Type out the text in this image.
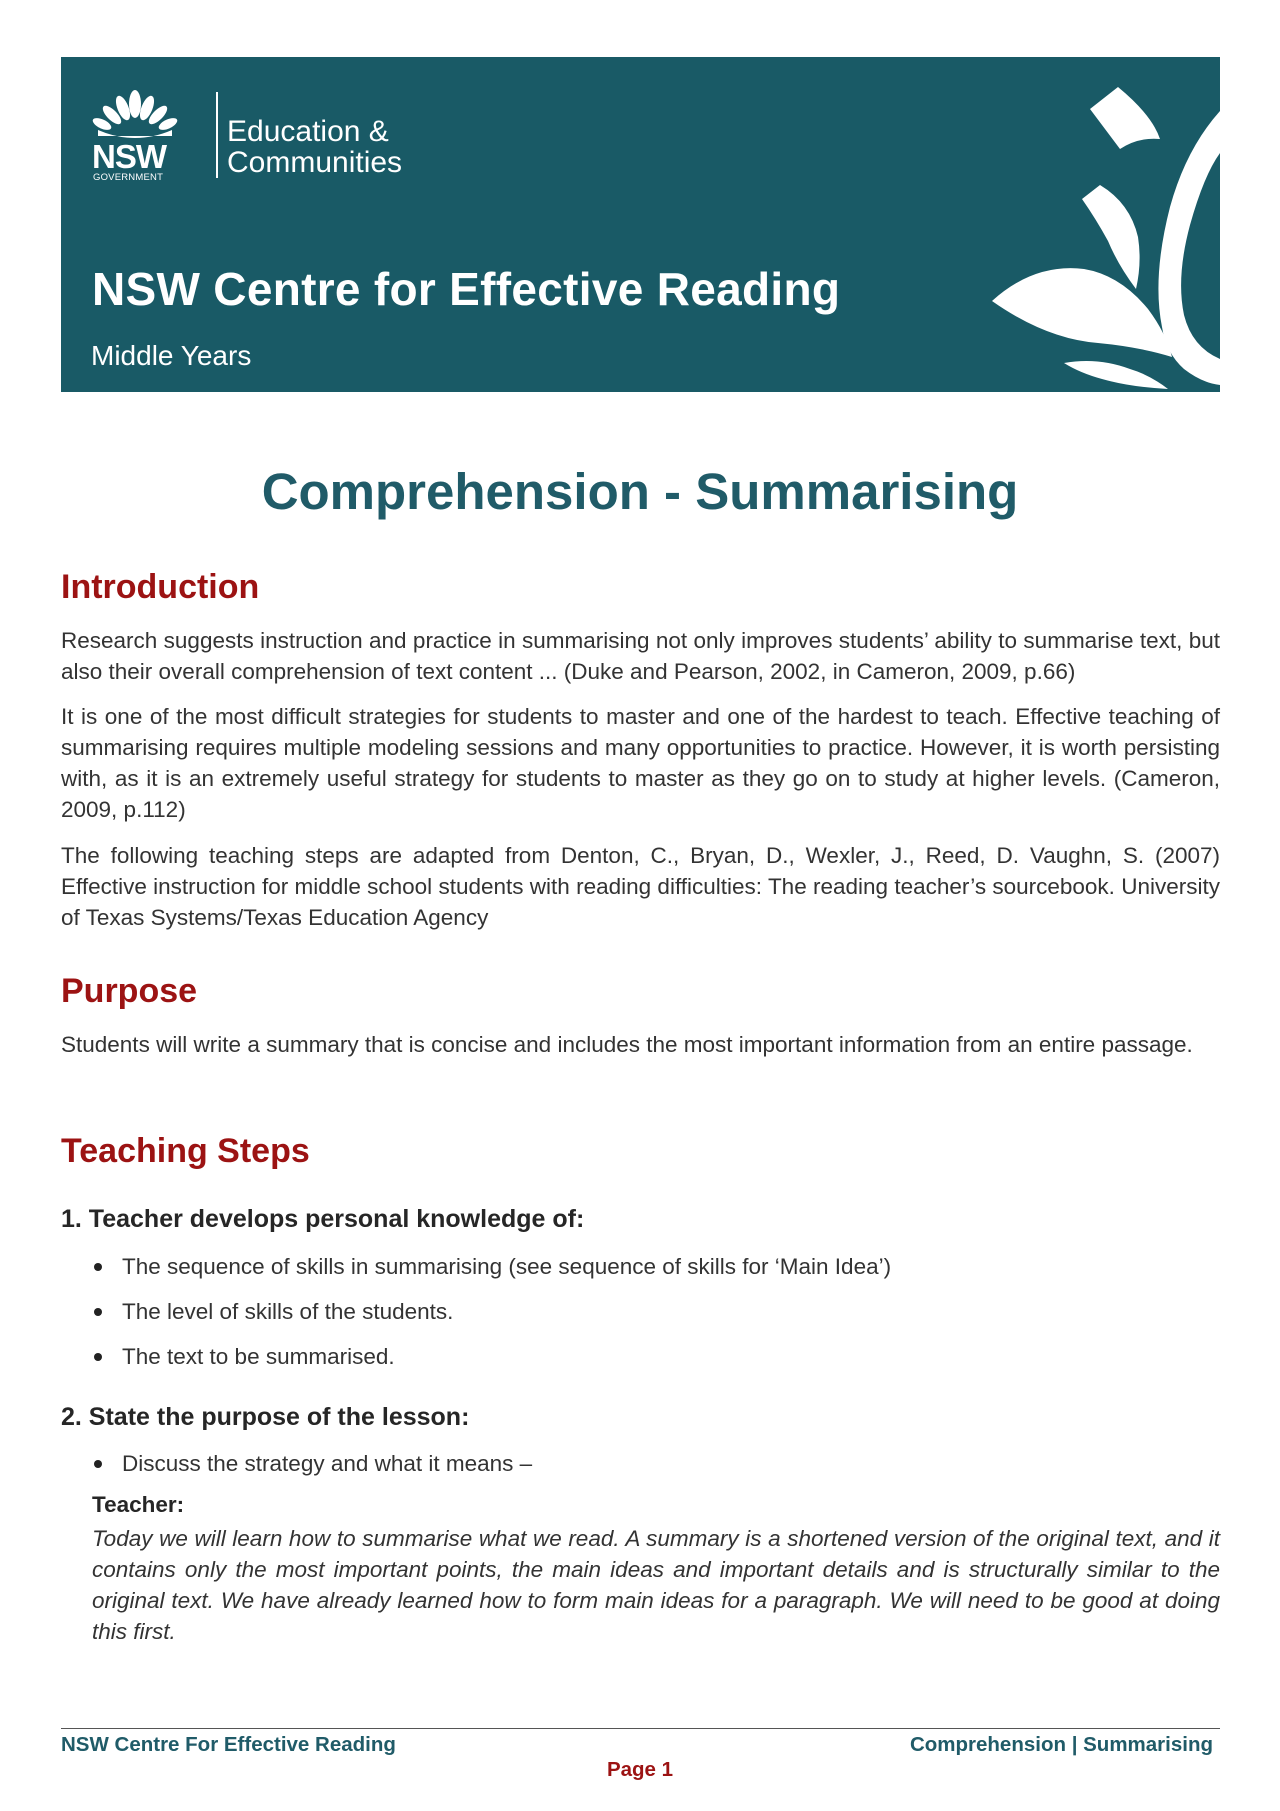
NSW
GOVERNMENT
Education &
Communities
NSW Centre for Effective Reading
Middle Years
Comprehension - Summarising
Introduction

Research suggests instruction and practice in summarising not only improves students’ ability to summarise text, but also their overall comprehension of text content ... (Duke and Pearson, 2002, in Cameron, 2009, p.66)

It is one of the most difficult strategies for students to master and one of the hardest to teach. Effective teaching of summarising requires multiple modeling sessions and many opportunities to practice. However, it is worth persisting with, as it is an extremely useful strategy for students to master as they go on to study at higher levels. (Cameron, 2009, p.112)

The following teaching steps are adapted from Denton, C., Bryan, D., Wexler, J., Reed, D. Vaughn, S. (2007) Effective instruction for middle school students with reading difficulties: The reading teacher’s sourcebook. University of Texas Systems/Texas Education Agency

Purpose

Students will write a summary that is concise and includes the most important information from an entire passage.

Teaching Steps
1. Teacher develops personal knowledge of:
The sequence of skills in summarising (see sequence of skills for ‘Main Idea’)
The level of skills of the students.
The text to be summarised.
2. State the purpose of the lesson:
Discuss the strategy and what it means –
Teacher:

Today we will learn how to summarise what we read. A summary is a shortened version of the original text, and it contains only the most important points, the main ideas and important details and is structurally similar to the original text. We have already learned how to form main ideas for a paragraph. We will need to be good at doing this first.

NSW Centre For Effective Reading	Comprehension | Summarising
Page 1
